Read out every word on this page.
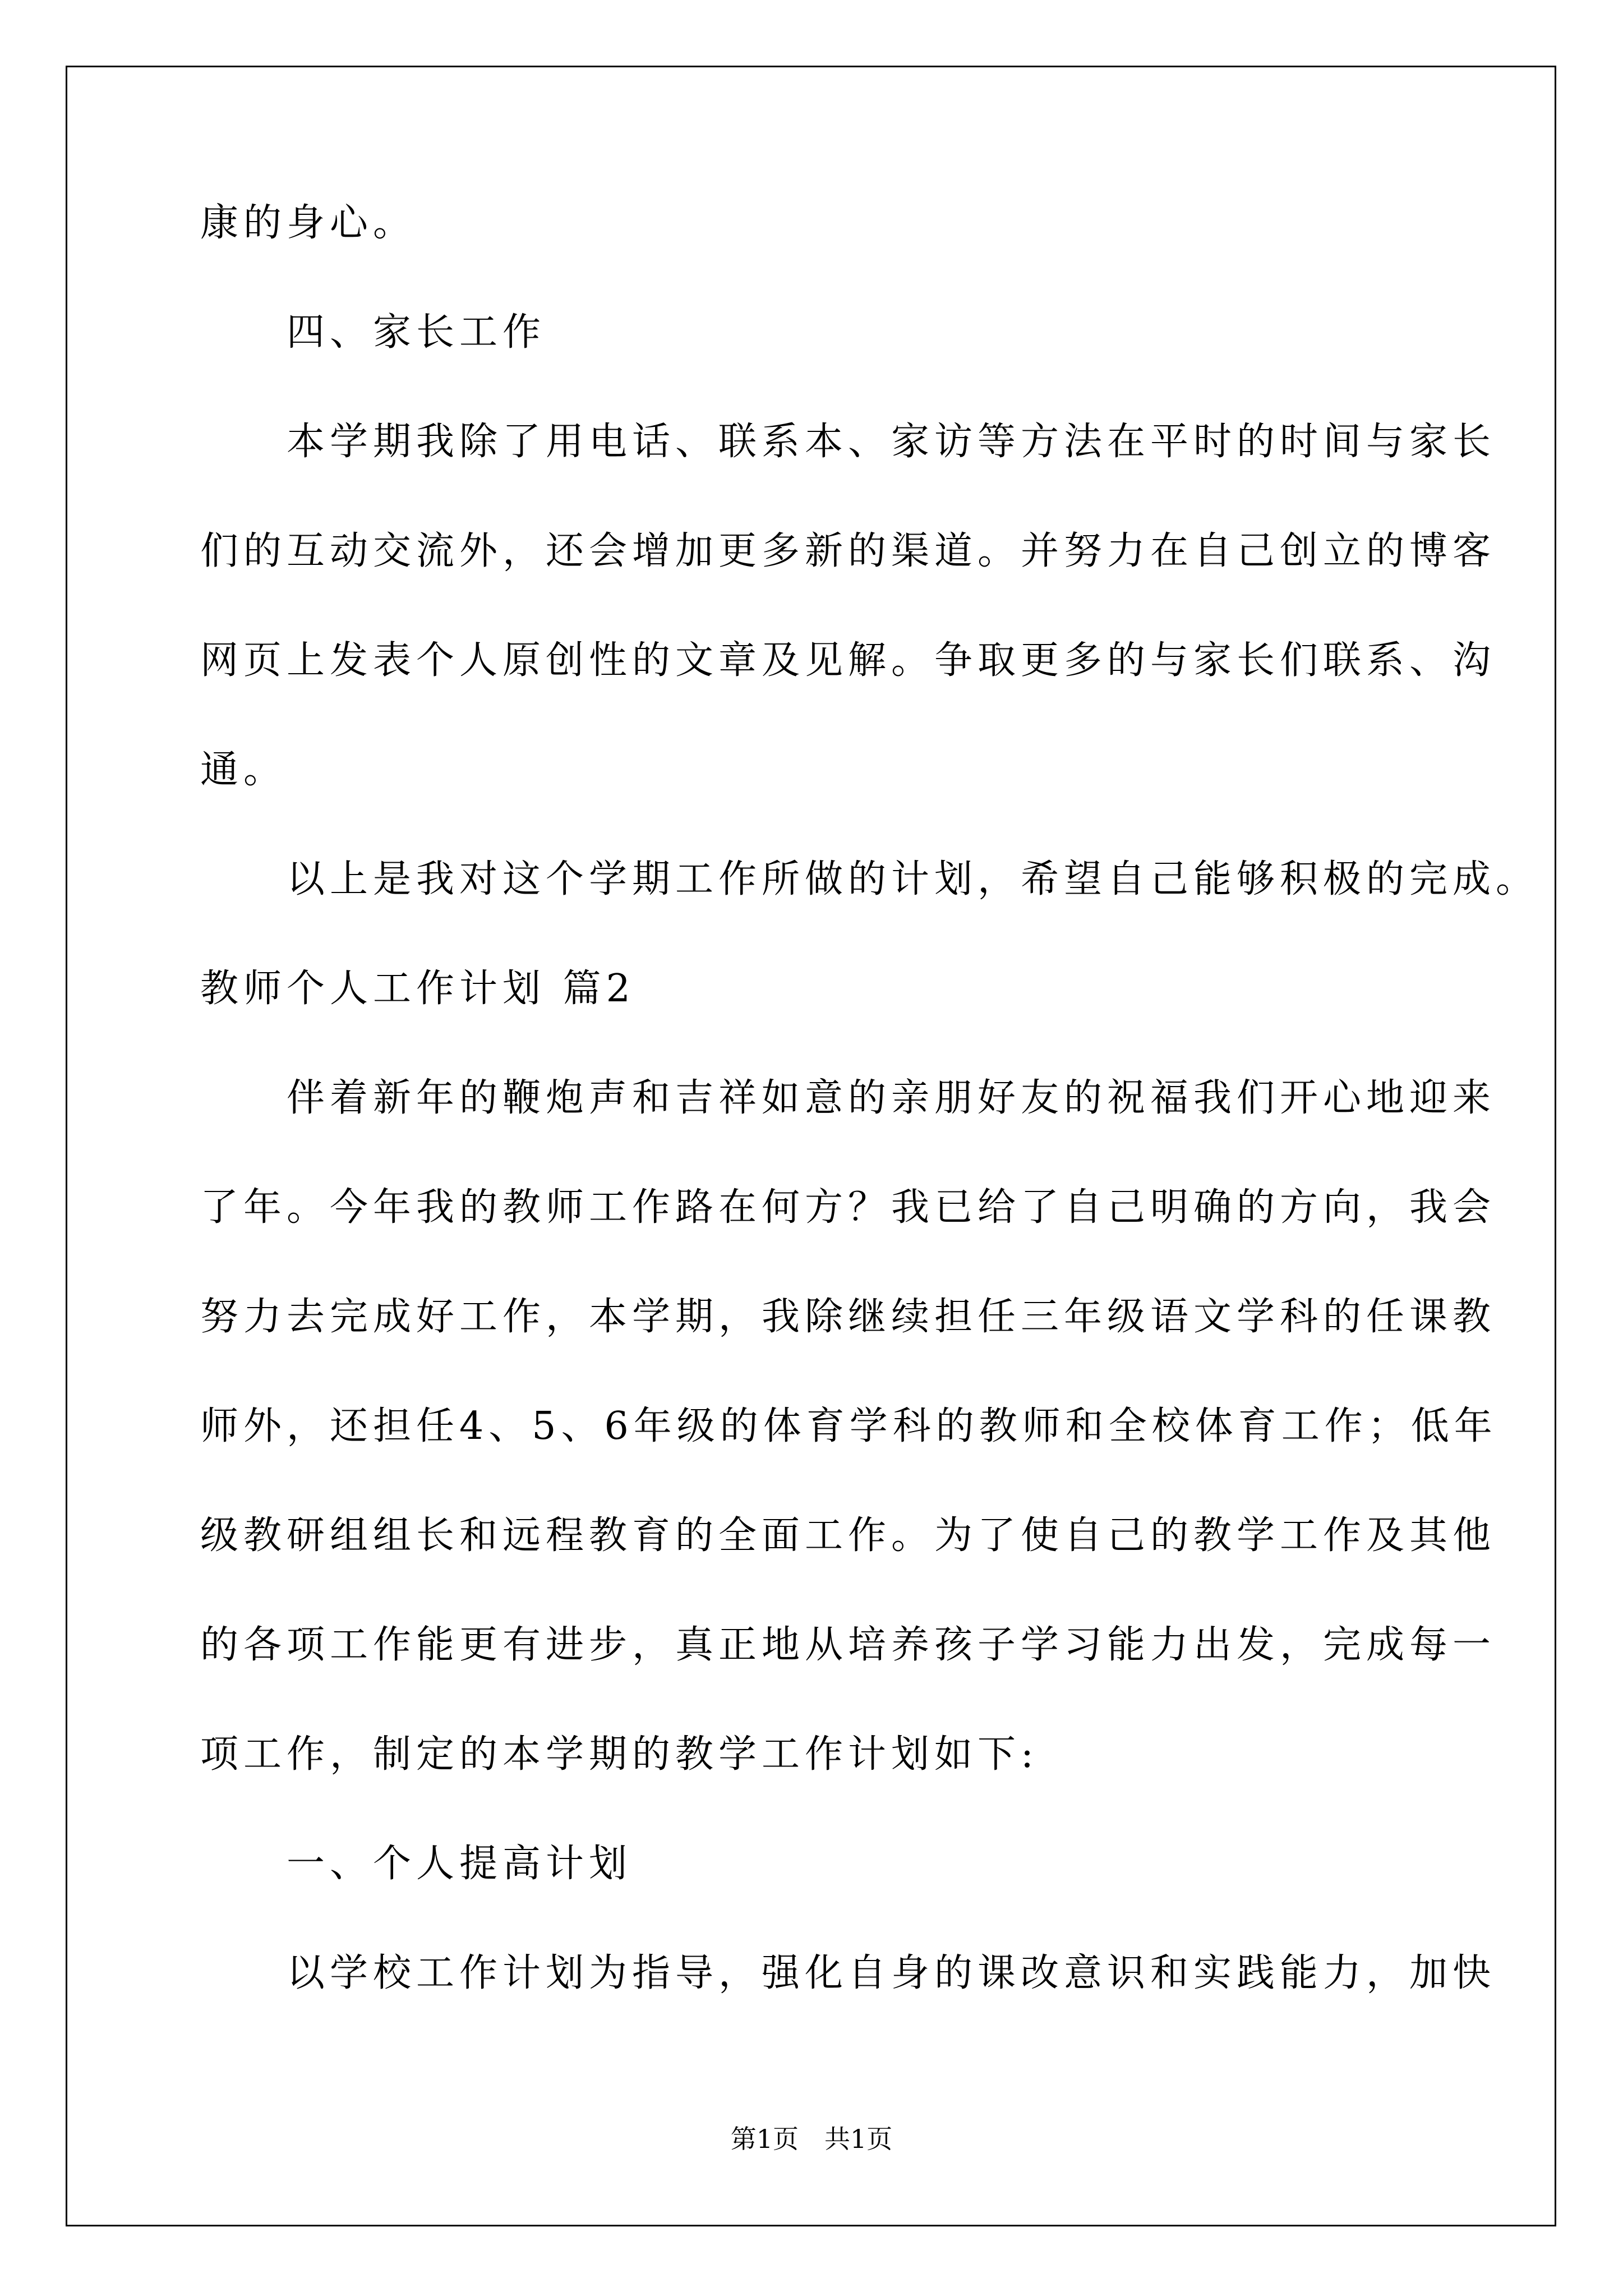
康的身心。
　　四、家长工作
　　本学期我除了用电话、联系本、家访等方法在平时的时间与家长
们的互动交流外，还会增加更多新的渠道。并努力在自己创立的博客
网页上发表个人原创性的文章及见解。争取更多的与家长们联系、沟
通。
　　以上是我对这个学期工作所做的计划，希望自己能够积极的完成。
教师个人工作计划 篇2
　　伴着新年的鞭炮声和吉祥如意的亲朋好友的祝福我们开心地迎来
了年。今年我的教师工作路在何方？我已给了自己明确的方向，我会
努力去完成好工作，本学期，我除继续担任三年级语文学科的任课教
师外，还担任4、5、6年级的体育学科的教师和全校体育工作；低年
级教研组组长和远程教育的全面工作。为了使自己的教学工作及其他
的各项工作能更有进步，真正地从培养孩子学习能力出发，完成每一
项工作，制定的本学期的教学工作计划如下:
　　一、个人提高计划
　　以学校工作计划为指导，强化自身的课改意识和实践能力，加快
第1页　共1页
